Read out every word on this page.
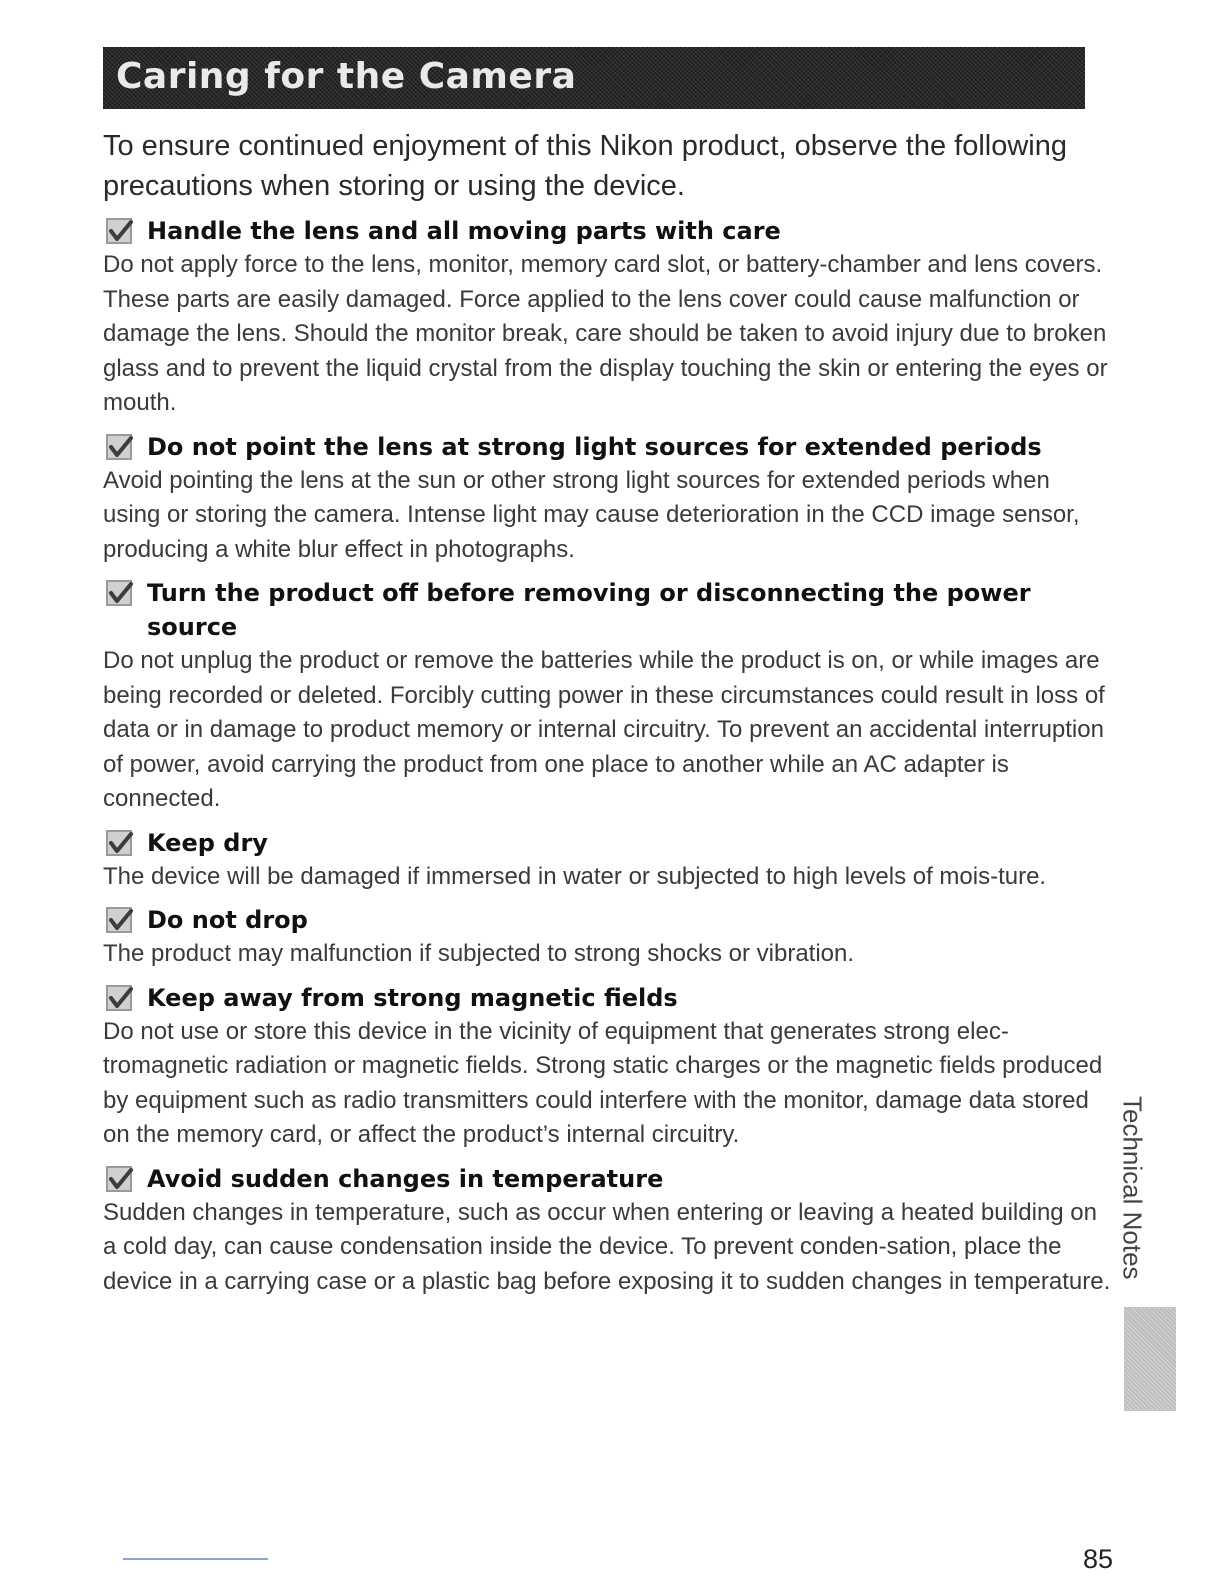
Caring for the Camera

To ensure continued enjoyment of this Nikon product, observe the following precautions when storing or using the device.

Handle the lens and all moving parts with care

Do not apply force to the lens, monitor, memory card slot, or battery-chamber and lens covers. These parts are easily damaged. Force applied to the lens cover could cause malfunction or damage the lens. Should the monitor break, care should be taken to avoid injury due to broken glass and to prevent the liquid crystal from the display touching the skin or entering the eyes or mouth.

Do not point the lens at strong light sources for extended periods

Avoid pointing the lens at the sun or other strong light sources for extended periods when using or storing the camera. Intense light may cause deterioration in the CCD image sensor, producing a white blur effect in photographs.

Turn the product off before removing or disconnecting the power source

Do not unplug the product or remove the batteries while the product is on, or while images are being recorded or deleted. Forcibly cutting power in these circumstances could result in loss of data or in damage to product memory or internal circuitry. To prevent an accidental interruption of power, avoid carrying the product from one place to another while an AC adapter is connected.

Keep dry

The device will be damaged if immersed in water or subjected to high levels of mois-ture.

Do not drop

The product may malfunction if subjected to strong shocks or vibration.

Keep away from strong magnetic fields

Do not use or store this device in the vicinity of equipment that generates strong elec-tromagnetic radiation or magnetic fields. Strong static charges or the magnetic fields produced by equipment such as radio transmitters could interfere with the monitor, damage data stored on the memory card, or affect the product’s internal circuitry.

Avoid sudden changes in temperature

Sudden changes in temperature, such as occur when entering or leaving a heated building on a cold day, can cause condensation inside the device. To prevent conden-sation, place the device in a carrying case or a plastic bag before exposing it to sudden changes in temperature.

Technical Notes
85
